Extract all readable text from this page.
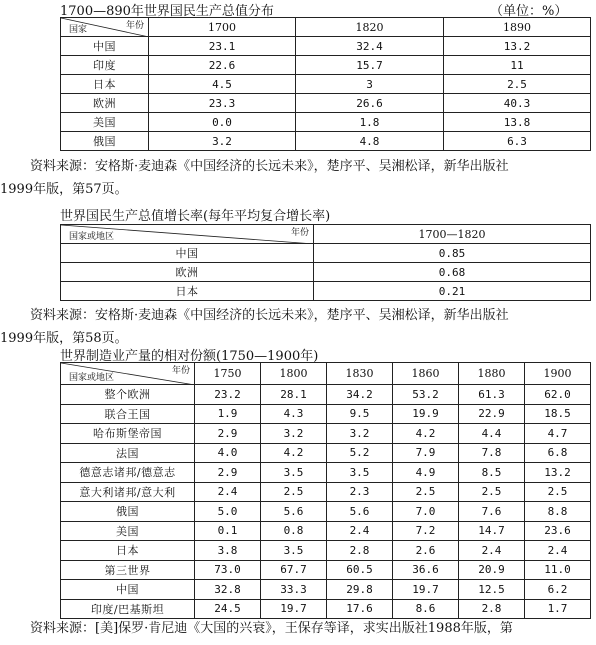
1700—890年世界国民生产总值分布	（单位：%）
年份
国家	1700	1820	1890
中国	23.1	32.4	13.2
印度	22.6	15.7	11
日本	4.5	3	2.5
欧洲	23.3	26.6	40.3
美国	0.0	1.8	13.8
俄国	3.2	4.8	6.3
资料来源：安格斯·麦迪森《中国经济的长远未来》，楚序平、吴湘松译，新华出版社
1999年版，第57页。
世界国民生产总值增长率(每年平均复合增长率)
年份
国家或地区	1700—1820
中国	0.85
欧洲	0.68
日本	0.21
资料来源：安格斯·麦迪森《中国经济的长远未来》，楚序平、吴湘松译，新华出版社
1999年版，第58页。
世界制造业产量的相对份额(1750—1900年)
年份
国家或地区	1750	1800	1830	1860	1880	1900
整个欧洲	23.2	28.1	34.2	53.2	61.3	62.0
联合王国	1.9	4.3	9.5	19.9	22.9	18.5
哈布斯堡帝国	2.9	3.2	3.2	4.2	4.4	4.7
法国	4.0	4.2	5.2	7.9	7.8	6.8
德意志诸邦/德意志	2.9	3.5	3.5	4.9	8.5	13.2
意大利诸邦/意大利	2.4	2.5	2.3	2.5	2.5	2.5
俄国	5.0	5.6	5.6	7.0	7.6	8.8
美国	0.1	0.8	2.4	7.2	14.7	23.6
日本	3.8	3.5	2.8	2.6	2.4	2.4
第三世界	73.0	67.7	60.5	36.6	20.9	11.0
中国	32.8	33.3	29.8	19.7	12.5	6.2
印度/巴基斯坦	24.5	19.7	17.6	8.6	2.8	1.7
资料来源：[美]保罗·肯尼迪《大国的兴衰》，王保存等译，求实出版社1988年版，第
